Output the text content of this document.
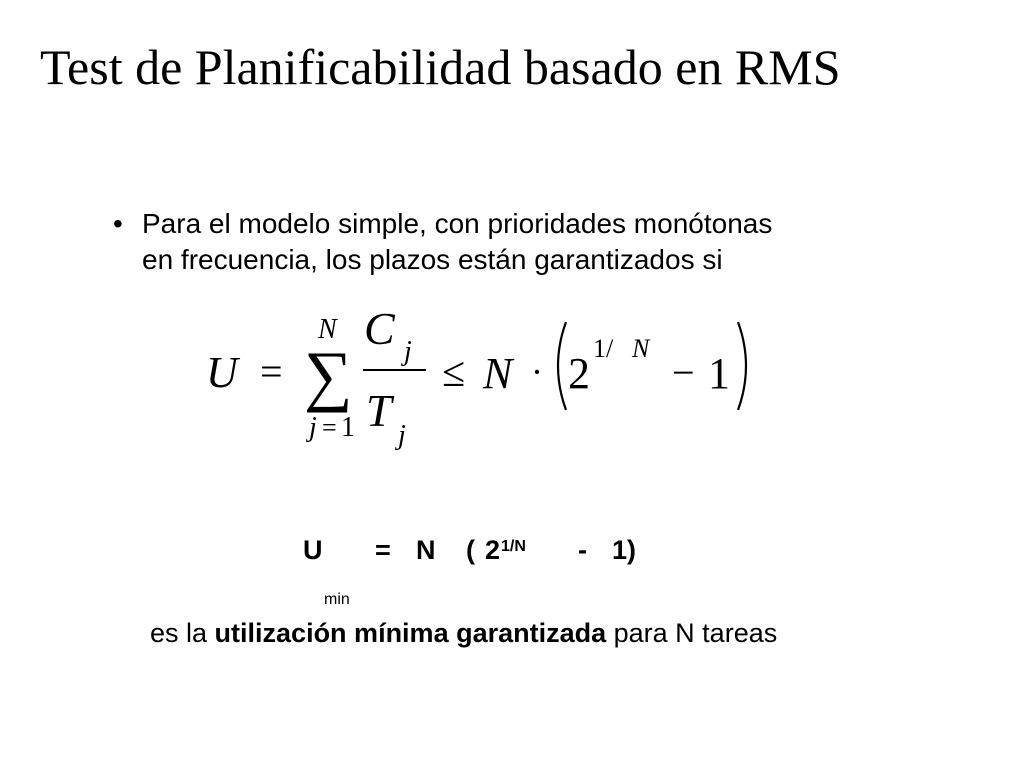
Test de Planificabilidad basado en RMS
• Para el modelo simple, con prioridades monótonas
en frecuencia, los plazos están garantizados si
U =
N
∑
j = 1
C j
T j
≤ N · 2
1/ N
− 1
U = N ( 2 1/N - 1)
min
es la utilización mínima garantizada para N tareas
